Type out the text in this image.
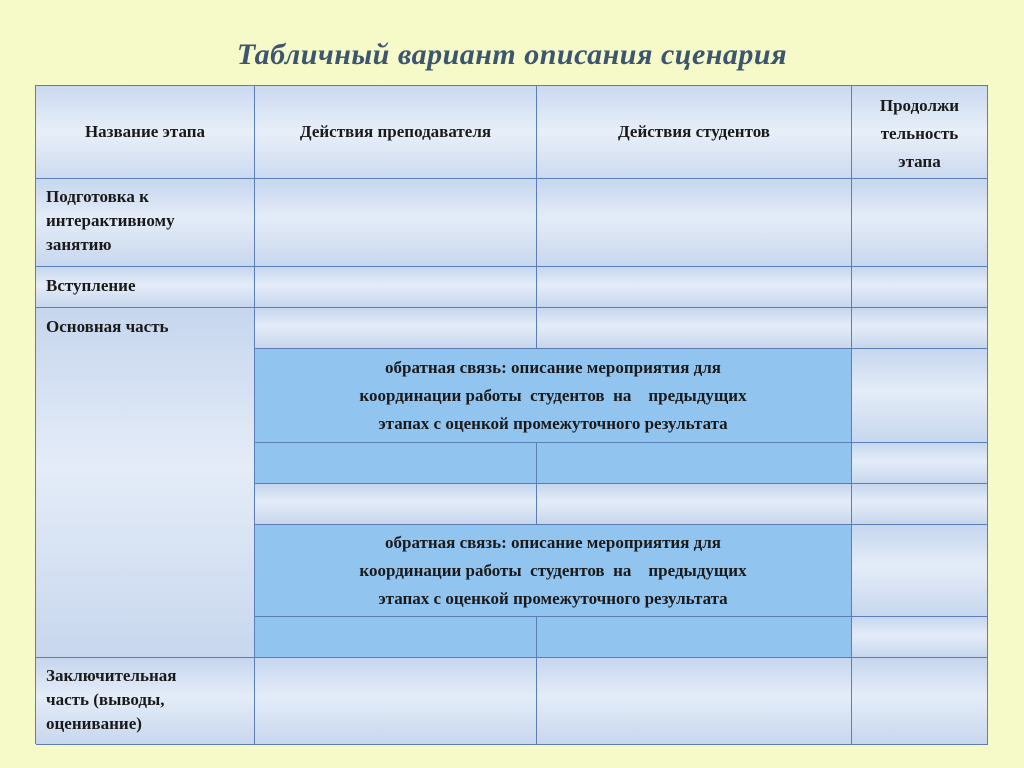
Табличный вариант описания сценария
Название этапа	Действия преподавателя	Действия студентов
Продолжи
тельность
этапа
Подготовка к
интерактивному
занятию
Вступление
Основная часть
обратная связь: описание мероприятия для
координации работы  студентов  на    предыдущих
этапах с оценкой промежуточного результата
обратная связь: описание мероприятия для
координации работы  студентов  на    предыдущих
этапах с оценкой промежуточного результата
Заключительная
часть (выводы,
оценивание)
